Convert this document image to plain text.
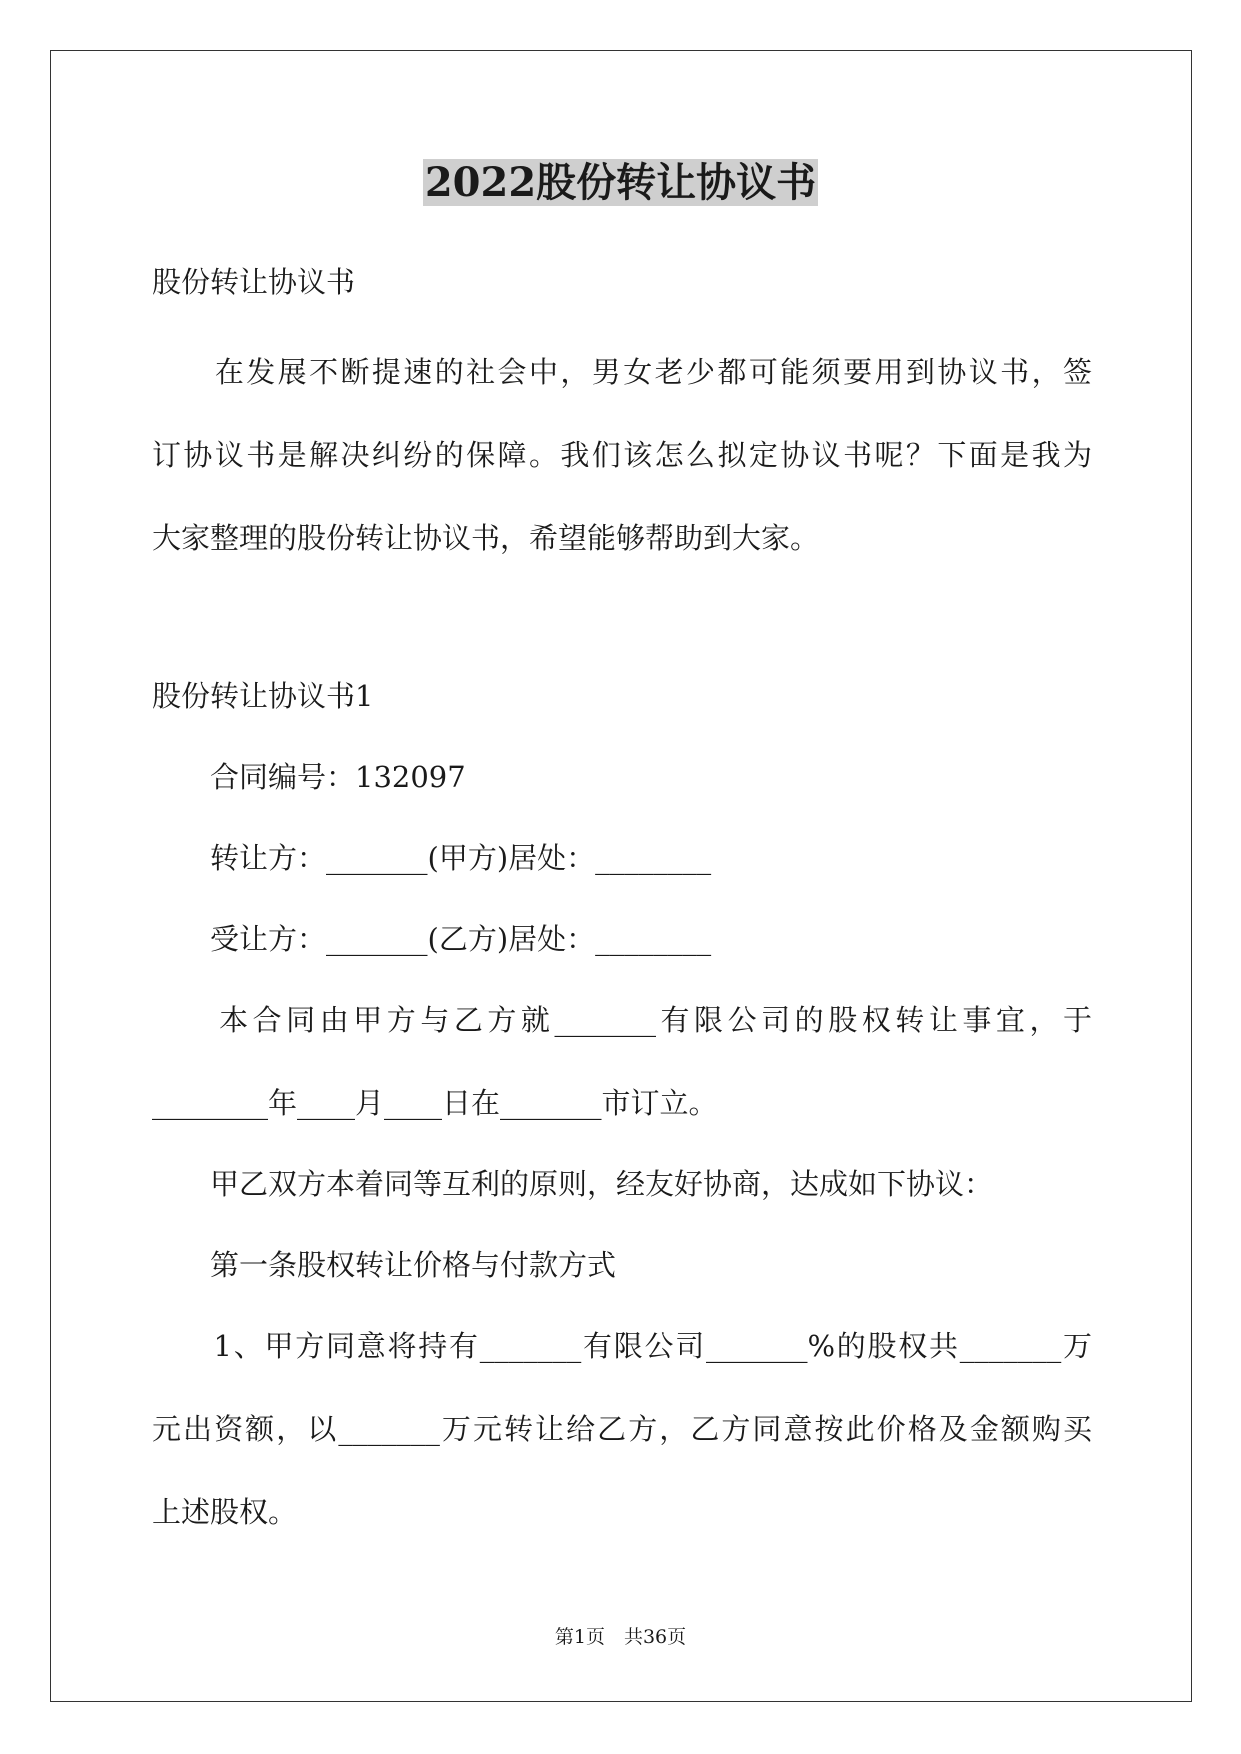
2022股份转让协议书
股份转让协议书
　　在发展不断提速的社会中，男女老少都可能须要用到协议书，签
订协议书是解决纠纷的保障。我们该怎么拟定协议书呢？下面是我为
大家整理的股份转让协议书，希望能够帮助到大家。
股份转让协议书1
　　合同编号：132097
　　转让方：_______(甲方)居处：________
　　受让方：_______(乙方)居处：________
　　本合同由甲方与乙方就_______有限公司的股权转让事宜，于
________年____月____日在_______市订立。
　　甲乙双方本着同等互利的原则，经友好协商，达成如下协议：
　　第一条股权转让价格与付款方式
　　1、甲方同意将持有_______有限公司_______%的股权共_______万
元出资额，以_______万元转让给乙方，乙方同意按此价格及金额购买
上述股权。
第1页　共36页
